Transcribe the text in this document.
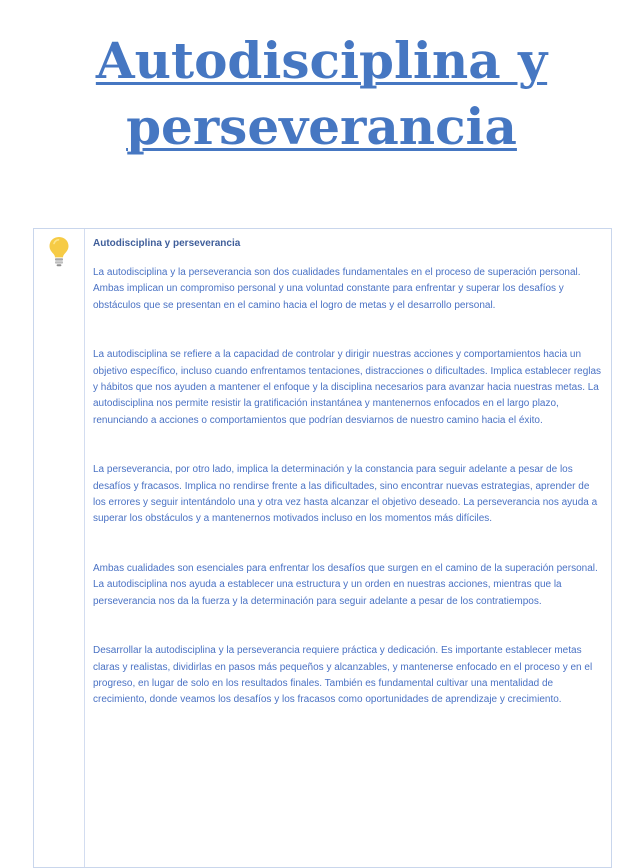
Autodisciplina y perseverancia
Autodisciplina y perseverancia

La autodisciplina y la perseverancia son dos cualidades fundamentales en el proceso de superación personal. Ambas implican un compromiso personal y una voluntad constante para enfrentar y superar los desafíos y obstáculos que se presentan en el camino hacia el logro de metas y el desarrollo personal.

La autodisciplina se refiere a la capacidad de controlar y dirigir nuestras acciones y comportamientos hacia un objetivo específico, incluso cuando enfrentamos tentaciones, distracciones o dificultades. Implica establecer reglas y hábitos que nos ayuden a mantener el enfoque y la disciplina necesarios para avanzar hacia nuestras metas. La autodisciplina nos permite resistir la gratificación instantánea y mantenernos enfocados en el largo plazo, renunciando a acciones o comportamientos que podrían desviarnos de nuestro camino hacia el éxito.

La perseverancia, por otro lado, implica la determinación y la constancia para seguir adelante a pesar de los desafíos y fracasos. Implica no rendirse frente a las dificultades, sino encontrar nuevas estrategias, aprender de los errores y seguir intentándolo una y otra vez hasta alcanzar el objetivo deseado. La perseverancia nos ayuda a superar los obstáculos y a mantenernos motivados incluso en los momentos más difíciles.

Ambas cualidades son esenciales para enfrentar los desafíos que surgen en el camino de la superación personal. La autodisciplina nos ayuda a establecer una estructura y un orden en nuestras acciones, mientras que la perseverancia nos da la fuerza y la determinación para seguir adelante a pesar de los contratiempos.

Desarrollar la autodisciplina y la perseverancia requiere práctica y dedicación. Es importante establecer metas claras y realistas, dividirlas en pasos más pequeños y alcanzables, y mantenerse enfocado en el proceso y en el progreso, en lugar de solo en los resultados finales. También es fundamental cultivar una mentalidad de crecimiento, donde veamos los desafíos y los fracasos como oportunidades de aprendizaje y crecimiento.
